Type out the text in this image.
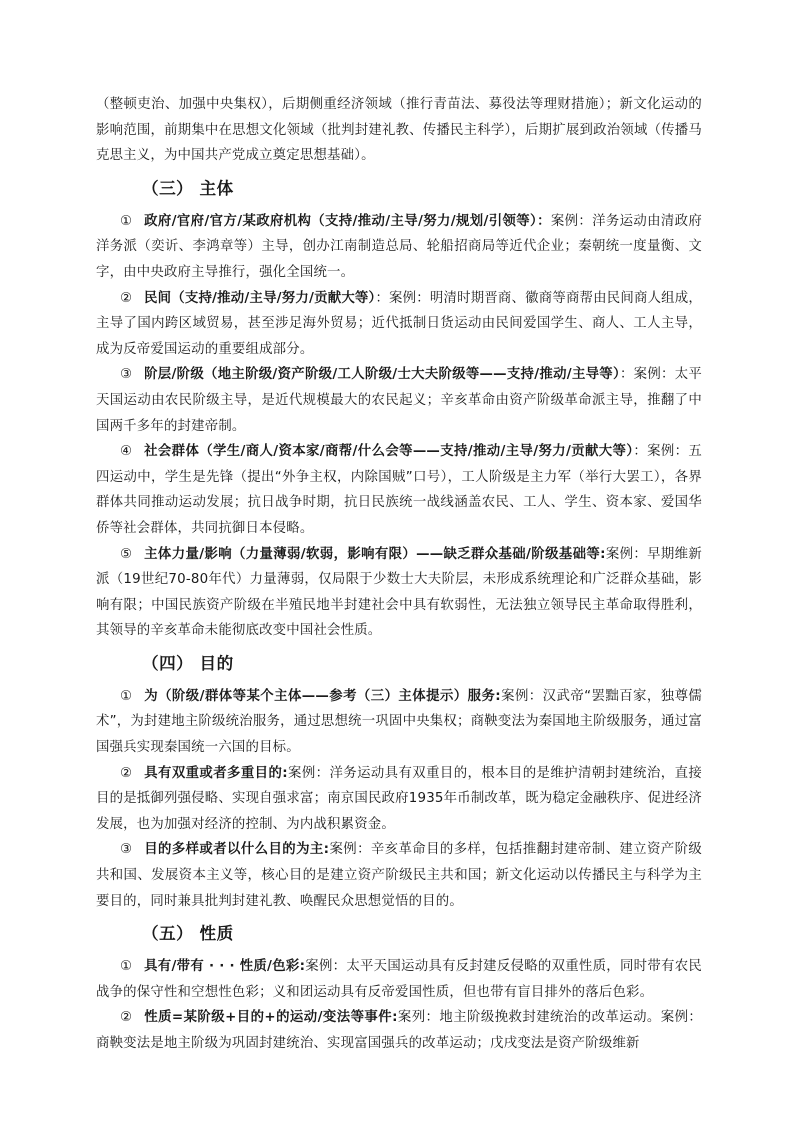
（整顿吏治、加强中央集权），后期侧重经济领域（推行青苗法、募役法等理财措施）；新文化运动的影响范围，前期集中在思想文化领域（批判封建礼教、传播民主科学），后期扩展到政治领域（传播马克思主义，为中国共产党成立奠定思想基础）。

（三） 主体

① 政府/官府/官方/某政府机构（支持/推动/主导/努力/规划/引领等）：案例：洋务运动由清政府洋务派（奕䜣、李鸿章等）主导，创办江南制造总局、轮船招商局等近代企业；秦朝统一度量衡、文字，由中央政府主导推行，强化全国统一。

② 民间（支持/推动/主导/努力/贡献大等）：案例：明清时期晋商、徽商等商帮由民间商人组成，主导了国内跨区域贸易，甚至涉足海外贸易；近代抵制日货运动由民间爱国学生、商人、工人主导，成为反帝爱国运动的重要组成部分。

③ 阶层/阶级（地主阶级/资产阶级/工人阶级/士大夫阶级等——支持/推动/主导等）：案例：太平天国运动由农民阶级主导，是近代规模最大的农民起义；辛亥革命由资产阶级革命派主导，推翻了中国两千多年的封建帝制。

④ 社会群体（学生/商人/资本家/商帮/什么会等——支持/推动/主导/努力/贡献大等）：案例：五四运动中，学生是先锋（提出“外争主权，内除国贼”口号），工人阶级是主力军（举行大罢工），各界群体共同推动运动发展；抗日战争时期，抗日民族统一战线涵盖农民、工人、学生、资本家、爱国华侨等社会群体，共同抗御日本侵略。

⑤ 主体力量/影响（力量薄弱/软弱，影响有限）——缺乏群众基础/阶级基础等:案例：早期维新派（19世纪70-80年代）力量薄弱，仅局限于少数士大夫阶层，未形成系统理论和广泛群众基础，影响有限；中国民族资产阶级在半殖民地半封建社会中具有软弱性，无法独立领导民主革命取得胜利，其领导的辛亥革命未能彻底改变中国社会性质。

（四） 目的

① 为（阶级/群体等某个主体——参考（三）主体提示）服务:案例：汉武帝“罢黜百家，独尊儒术”，为封建地主阶级统治服务，通过思想统一巩固中央集权；商鞅变法为秦国地主阶级服务，通过富国强兵实现秦国统一六国的目标。

② 具有双重或者多重目的:案例：洋务运动具有双重目的，根本目的是维护清朝封建统治，直接目的是抵御列强侵略、实现自强求富；南京国民政府1935年币制改革，既为稳定金融秩序、促进经济发展，也为加强对经济的控制、为内战积累资金。

③ 目的多样或者以什么目的为主:案例：辛亥革命目的多样，包括推翻封建帝制、建立资产阶级共和国、发展资本主义等，核心目的是建立资产阶级民主共和国；新文化运动以传播民主与科学为主要目的，同时兼具批判封建礼教、唤醒民众思想觉悟的目的。

（五） 性质

① 具有/带有 · · · 性质/色彩:案例：太平天国运动具有反封建反侵略的双重性质，同时带有农民战争的保守性和空想性色彩；义和团运动具有反帝爱国性质，但也带有盲目排外的落后色彩。

② 性质=某阶级+目的+的运动/变法等事件:案列：地主阶级挽救封建统治的改革运动。案例：商鞅变法是地主阶级为巩固封建统治、实现富国强兵的改革运动；戊戌变法是资产阶级维新
